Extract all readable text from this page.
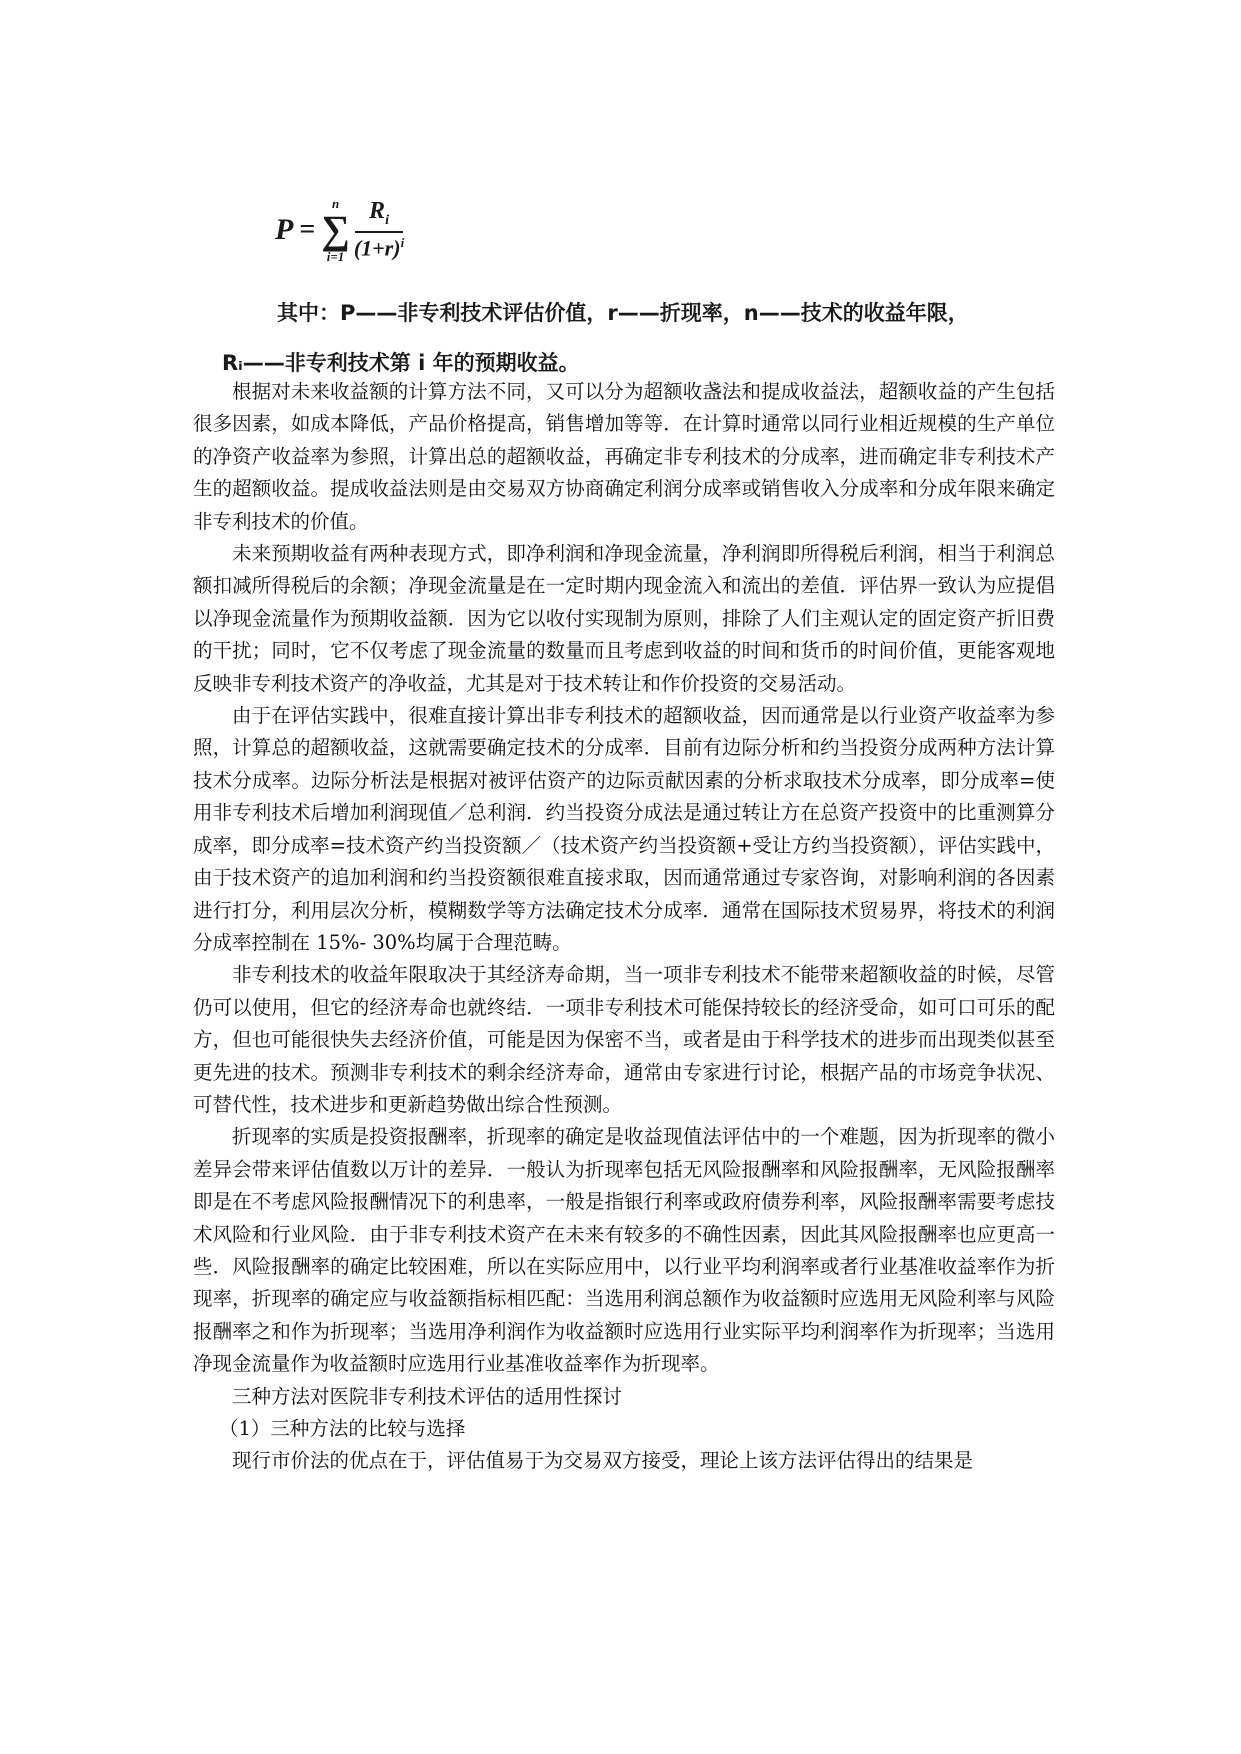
P =
n
∑
$i=1 \frac{R_i}{(1+r)^i}$
其中：P——非专利技术评估价值，r——折现率，n——技术的收益年限，
Rᵢ——非专利技术第 i 年的预期收益。

根据对未来收益额的计算方法不同，又可以分为超额收盏法和提成收益法，超额收益的产生包括很多因素，如成本降低，产品价格提高，销售增加等等．在计算时通常以同行业相近规模的生产单位的净资产收益率为参照，计算出总的超额收益，再确定非专利技术的分成率，进而确定非专利技术产生的超额收益。提成收益法则是由交易双方协商确定利润分成率或销售收入分成率和分成年限来确定非专利技术的价值。

未来预期收益有两种表现方式，即净利润和净现金流量，净利润即所得税后利润，相当于利润总额扣减所得税后的余额；净现金流量是在一定时期内现金流入和流出的差值．评估界一致认为应提倡以净现金流量作为预期收益额．因为它以收付实现制为原则，排除了人们主观认定的固定资产折旧费的干扰；同时，它不仅考虑了现金流量的数量而且考虑到收益的时间和货币的时间价值，更能客观地反映非专利技术资产的净收益，尤其是对于技术转让和作价投资的交易活动。

由于在评估实践中，很难直接计算出非专利技术的超额收益，因而通常是以行业资产收益率为参照，计算总的超额收益，这就需要确定技术的分成率．目前有边际分析和约当投资分成两种方法计算技术分成率。边际分析法是根据对被评估资产的边际贡献因素的分析求取技术分成率，即分成率=使用非专利技术后增加利润现值／总利润．约当投资分成法是通过转让方在总资产投资中的比重测算分成率，即分成率=技术资产约当投资额／（技术资产约当投资额+受让方约当投资额），评估实践中，由于技术资产的追加利润和约当投资额很难直接求取，因而通常通过专家咨询，对影响利润的各因素进行打分，利用层次分析，模糊数学等方法确定技术分成率．通常在国际技术贸易界，将技术的利润分成率控制在 15%- 30%均属于合理范畴。

非专利技术的收益年限取决于其经济寿命期，当一项非专利技术不能带来超额收益的时候，尽管仍可以使用，但它的经济寿命也就终结．一项非专利技术可能保持较长的经济受命，如可口可乐的配方，但也可能很快失去经济价值，可能是因为保密不当，或者是由于科学技术的进步而出现类似甚至更先进的技术。预测非专利技术的剩余经济寿命，通常由专家进行讨论，根据产品的市场竞争状况、可替代性，技术进步和更新趋势做出综合性预测。

折现率的实质是投资报酬率，折现率的确定是收益现值法评估中的一个难题，因为折现率的微小差异会带来评估值数以万计的差异．一般认为折现率包括无风险报酬率和风险报酬率，无风险报酬率即是在不考虑风险报酬情况下的利患率，一般是指银行利率或政府债券利率，风险报酬率需要考虑技术风险和行业风险．由于非专利技术资产在未来有较多的不确性因素，因此其风险报酬率也应更高一些．风险报酬率的确定比较困难，所以在实际应用中，以行业平均利润率或者行业基准收益率作为折现率，折现率的确定应与收益额指标相匹配：当选用利润总额作为收益额时应选用无风险利率与风险报酬率之和作为折现率；当选用净利润作为收益额时应选用行业实际平均利润率作为折现率；当选用净现金流量作为收益额时应选用行业基准收益率作为折现率。

三种方法对医院非专利技术评估的适用性探讨

（1）三种方法的比较与选择

现行市价法的优点在于，评估值易于为交易双方接受，理论上该方法评估得出的结果是
